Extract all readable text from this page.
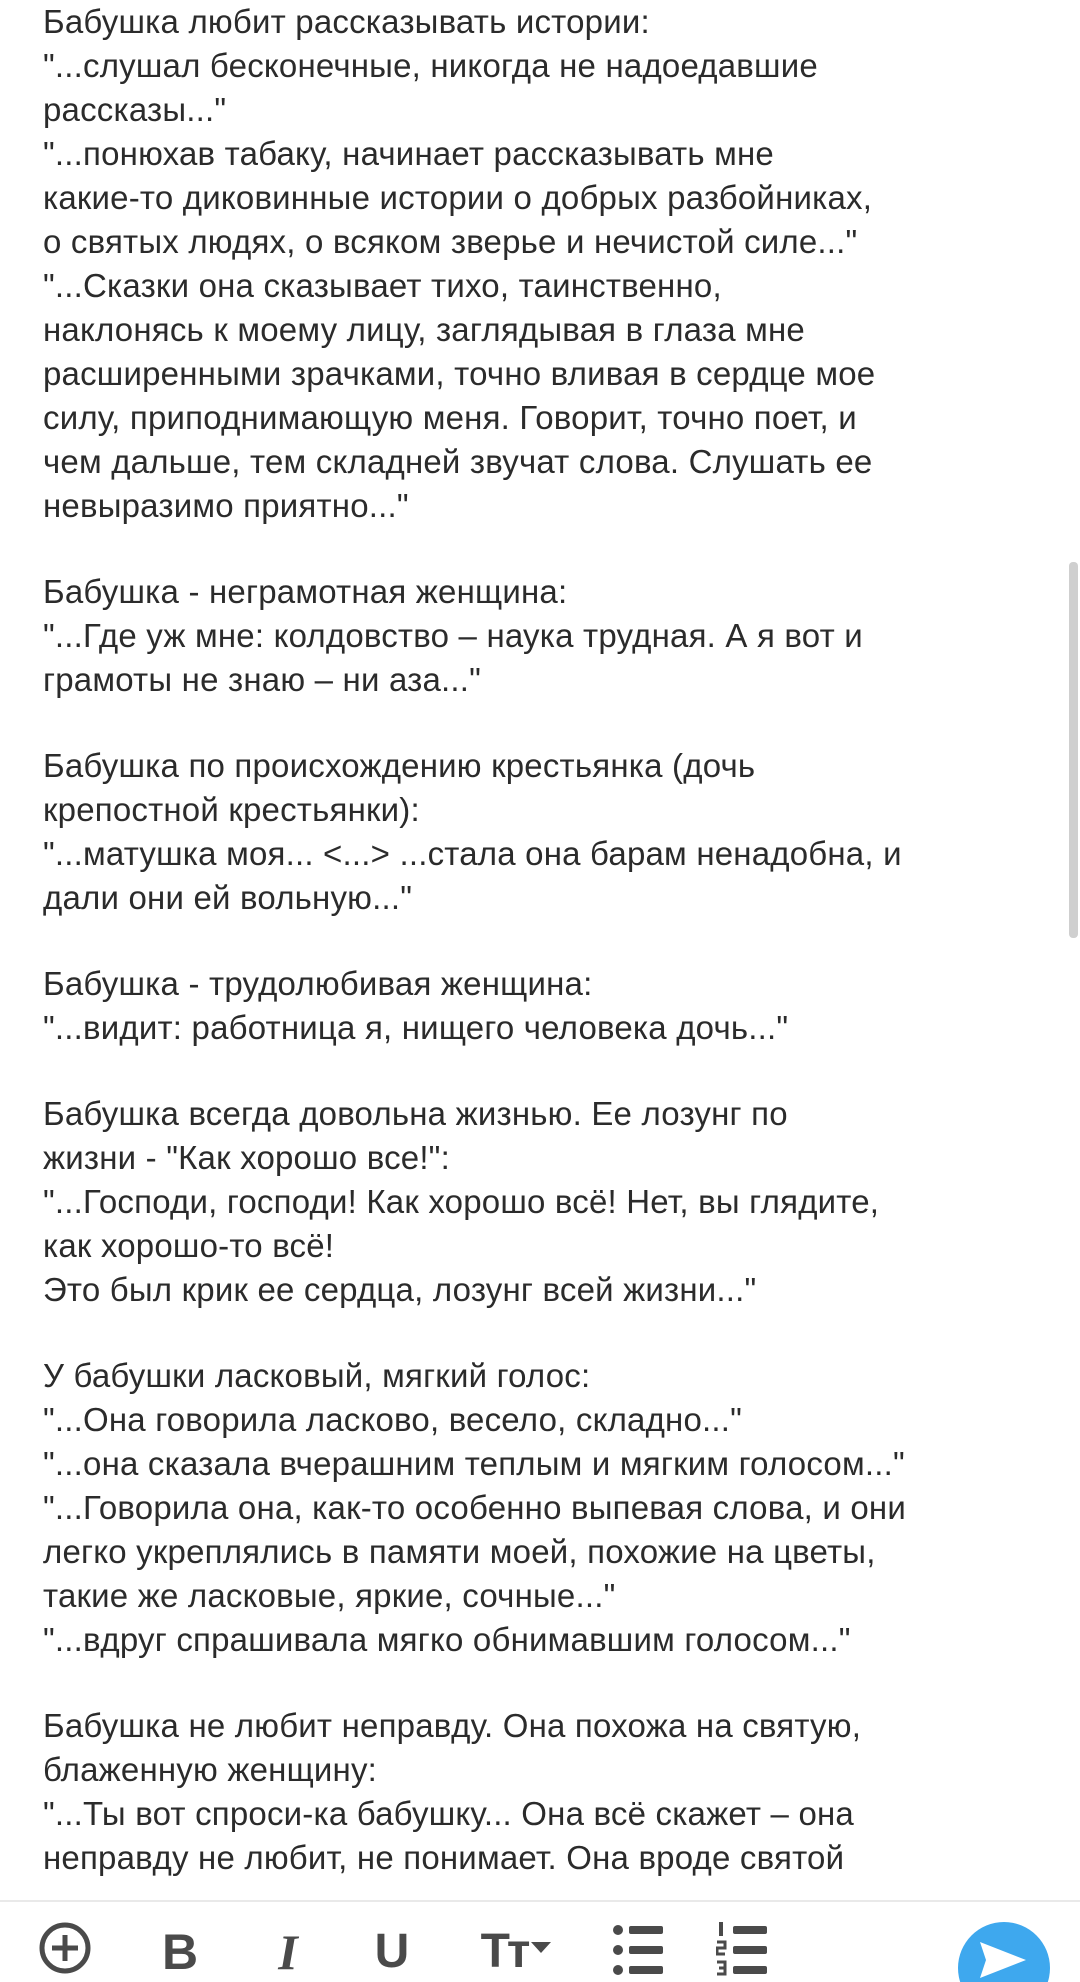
Бабушка любит рассказывать истории:
"...слушал бесконечные, никогда не надоедавшие
рассказы..."
"...понюхав табаку, начинает рассказывать мне
какие-то диковинные истории о добрых разбойниках,
о святых людях, о всяком зверье и нечистой силе..."
"...Сказки она сказывает тихо, таинственно,
наклонясь к моему лицу, заглядывая в глаза мне
расширенными зрачками, точно вливая в сердце мое
силу, приподнимающую меня. Говорит, точно поет, и
чем дальше, тем складней звучат слова. Слушать ее
невыразимо приятно..."
Бабушка - неграмотная женщина:
"...Где уж мне: колдовство – наука трудная. А я вот и
грамоты не знаю – ни аза..."
Бабушка по происхождению крестьянка (дочь
крепостной крестьянки):
"...матушка моя... <...> ...стала она барам ненадобна, и
дали они ей вольную..."
Бабушка - трудолюбивая женщина:
"...видит: работница я, нищего человека дочь..."
Бабушка всегда довольна жизнью. Ее лозунг по
жизни - "Как хорошо все!":
"...Господи, господи! Как хорошо всё! Нет, вы глядите,
как хорошо-то всё!
Это был крик ее сердца, лозунг всей жизни..."
У бабушки ласковый, мягкий голос:
"...Она говорила ласково, весело, складно..."
"...она сказала вчерашним теплым и мягким голосом..."
"...Говорила она, как-то особенно выпевая слова, и они
легко укреплялись в памяти моей, похожие на цветы,
такие же ласковые, яркие, сочные..."
"...вдруг спрашивала мягко обнимавшим голосом..."
Бабушка не любит неправду. Она похожа на святую,
блаженную женщину:
"...Ты вот спроси-ка бабушку... Она всё скажет – она
неправду не любит, не понимает. Она вроде святой
B I U Tт
